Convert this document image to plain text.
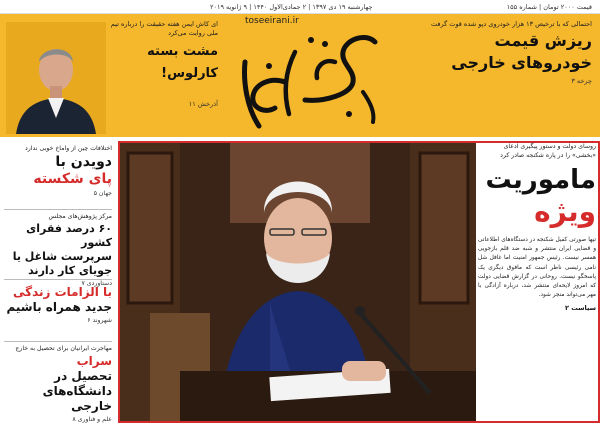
قیمت ۲۰۰۰ تومان | شماره ۱۵۵
چهارشنبه ۱۹ دی ۱۳۹۷ | ۲ جمادی‌الاول ۱۴۴۰ | ۹ ژانویه ۲۰۱۹
toseeirani.ir	احتمالی که با ترخیص ۱۳ هزار خودروی دپو شده قوت گرفت
ریزش قیمت
خودروهای خارجی
چرخه ۳
ای کاش ایمن هفته حقیقت را درباره تیم ملی روایت می‌کرد
مشت بسته
کارلوس!
آذرخش ۱۱
روسای دولت و دستور پیگیری ادعای «بخشی» را در پاره شکنجه صادر کرد
ماموریت
ویژه
تیها صورتی کفیل شکنجه در دستگاه‌های اطلاعاتی و قضایی ایران منتشر و شبه ضد قلم بازجویی همسر نیست. رئیس جمهور امنیت اما غافل شل نامی رئیسی ناظر است که مافوق دیگری یک پاسخگو نیست. روحانی در گزارش قضایی دولت که امروز لایحه‌ای منتشر شد، درباره آزادگی با مهر می‌تواند منجر شود.
سیاست ۲
اختلافات چین از واماخ خوبی ندارد
دویدن با
پای شکسته
جهان ۵
مرکز پژوهش‌های مجلس
۶۰ درصد فقرای کشور
سرپرست شاغل یا
جویای کار دارند
دستاوردی ۷
با الزامات زندگی
جدید همراه باشیم
شهروند ۶
مهاجرت ایرانیان برای تحصیل به خارج
سراب
تحصیل در
دانشگاه‌های خارجی
علم و فناوری ۸
